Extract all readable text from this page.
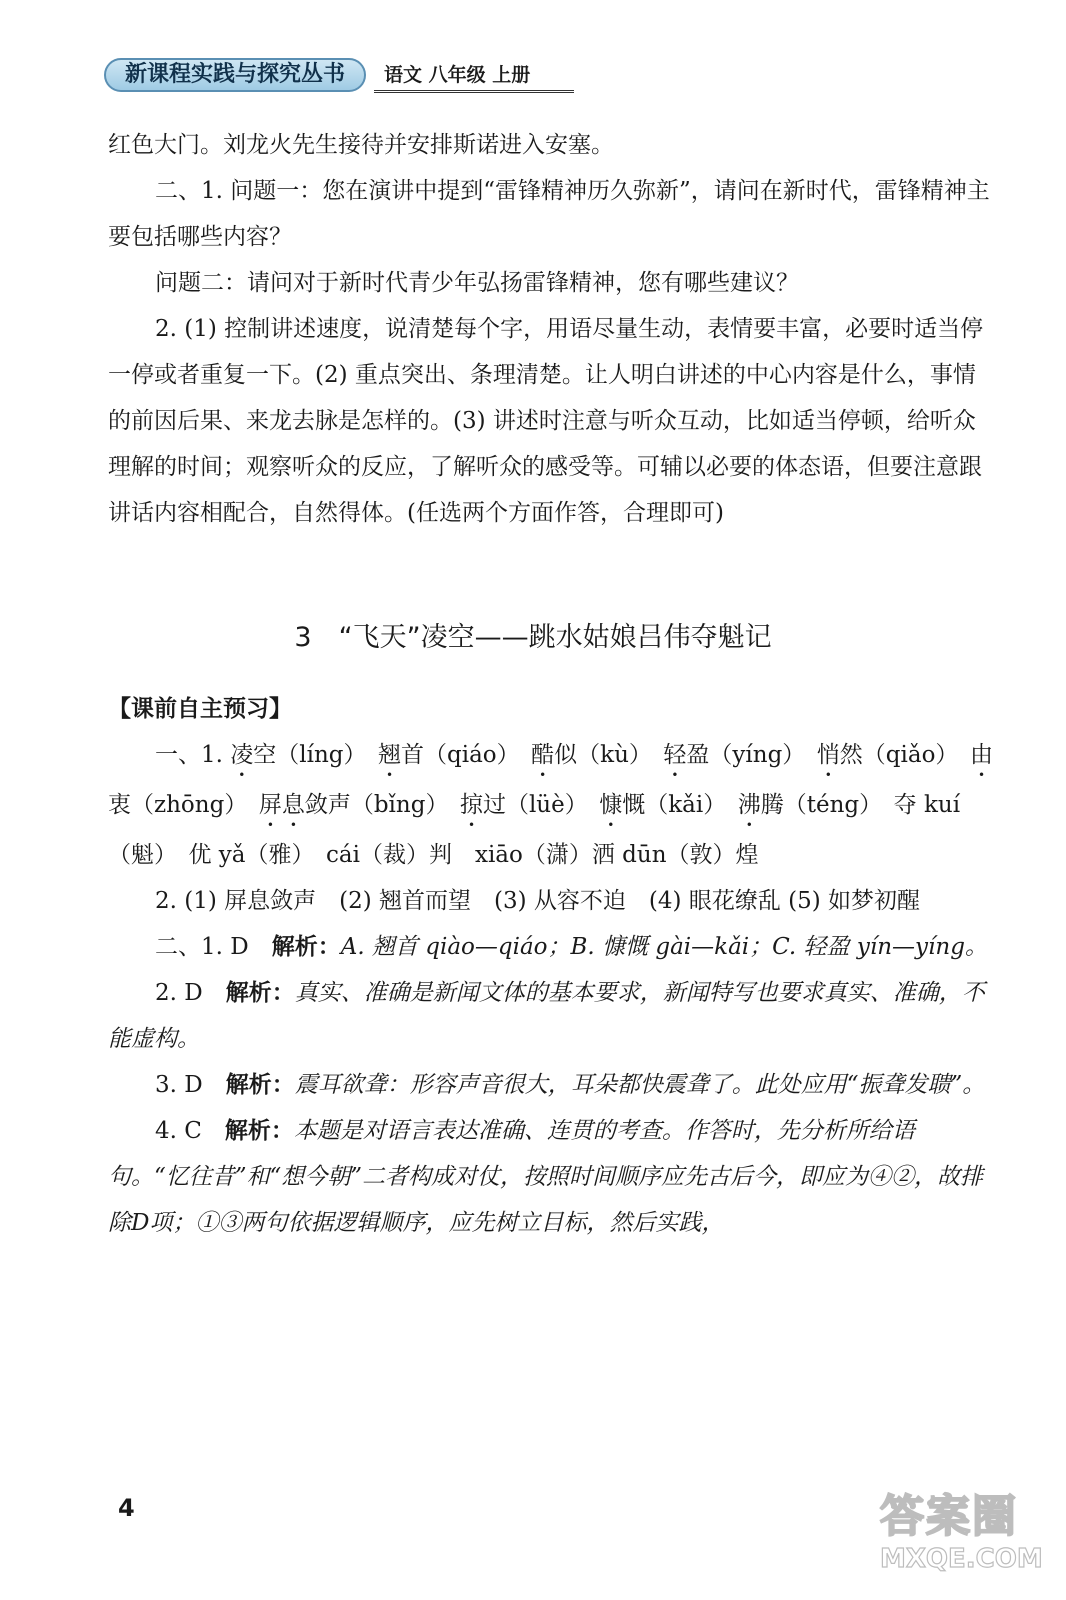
新课程实践与探究丛书	语文 八年级 上册

红色大门。刘龙火先生接待并安排斯诺进入安塞。

二、1. 问题一：您在演讲中提到“雷锋精神历久弥新”，请问在新时代，雷锋精神主要包括哪些内容？

问题二：请问对于新时代青少年弘扬雷锋精神，您有哪些建议？

2. (1) 控制讲述速度，说清楚每个字，用语尽量生动，表情要丰富，必要时适当停一停或者重复一下。(2) 重点突出、条理清楚。让人明白讲述的中心内容是什么，事情的前因后果、来龙去脉是怎样的。(3) 讲述时注意与听众互动，比如适当停顿，给听众理解的时间；观察听众的反应，了解听众的感受等。可辅以必要的体态语，但要注意跟讲话内容相配合，自然得体。(任选两个方面作答，合理即可)

3　“飞天”凌空——跳水姑娘吕伟夺魁记

【课前自主预习】

一、1. 凌空（líng）　 翘首（qiáo）　 酷似（kù）　 轻盈（yíng）　 悄然（qiǎo）　 由衷（zhōng）　 屏息敛声（bǐng）　 掠过（lüè）　 慷慨（kǎi）　 沸腾（téng）　 夺 kuí（魁）　优 yǎ（雅）　cái（裁）判　xiāo（潇）洒 dūn（敦）煌

2. (1) 屏息敛声　(2) 翘首而望　(3) 从容不迫　(4) 眼花缭乱 (5) 如梦初醒

二、1. D　解析：A. 翘首 qiào—qiáo；B. 慷慨 gài—kǎi；C. 轻盈 yín—yíng。

2. D　解析：真实、准确是新闻文体的基本要求，新闻特写也要求真实、准确，不能虚构。

3. D　解析：震耳欲聋：形容声音很大，耳朵都快震聋了。此处应用“振聋发聩”。

4. C　解析：本题是对语言表达准确、连贯的考查。作答时，先分析所给语句。“忆往昔”和“想今朝”二者构成对仗，按照时间顺序应先古后今，即应为④②，故排除D项；①③两句依据逻辑顺序，应先树立目标，然后实践，

4	答案圈
MXQE.COM
